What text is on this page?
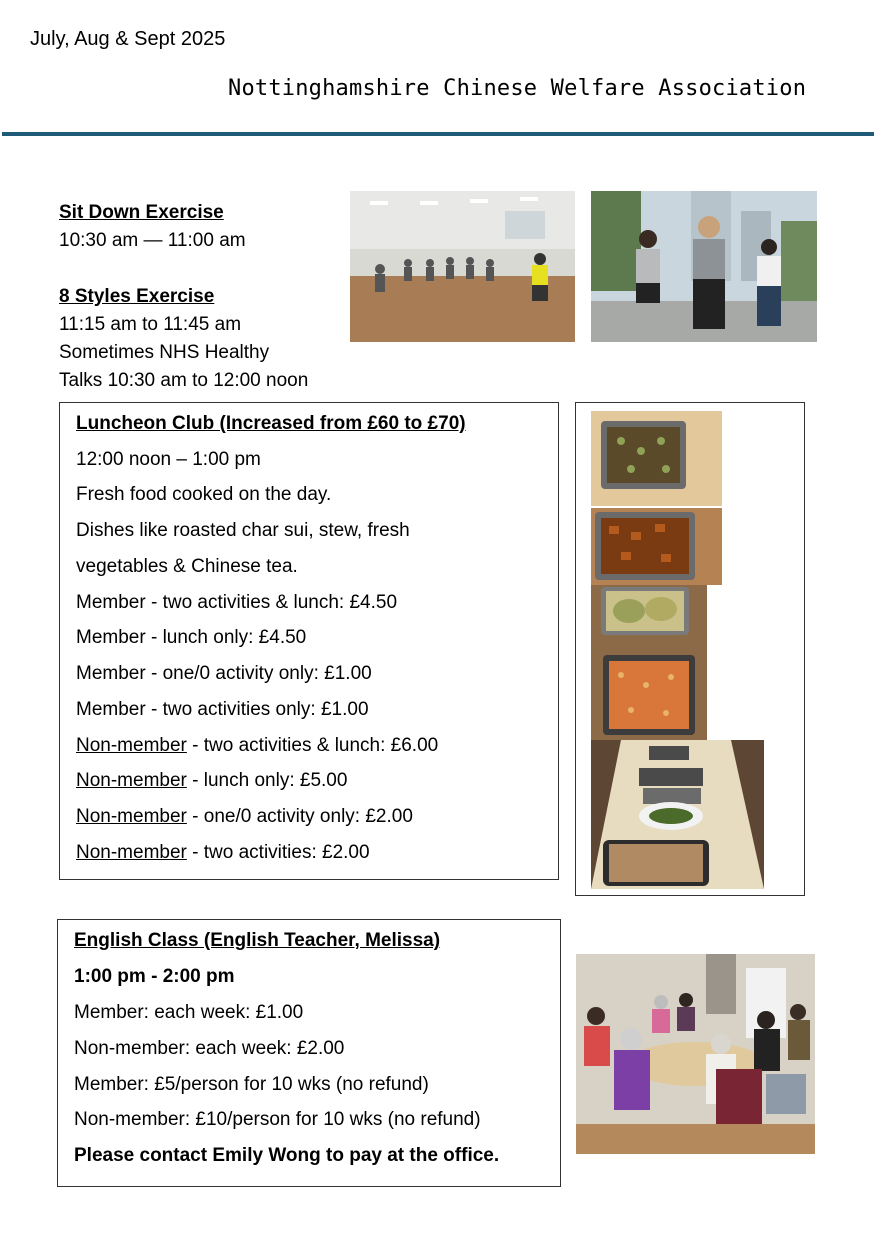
July, Aug & Sept 2025
Nottinghamshire Chinese Welfare Association
Sit Down Exercise
10:30 am — 11:00 am
8 Styles Exercise
11:15 am to 11:45 am
Sometimes NHS Healthy
Talks 10:30 am to 12:00 noon
Luncheon Club (Increased from £60 to £70)
12:00 noon – 1:00 pm
Fresh food cooked on the day.
Dishes like roasted char sui, stew, fresh
vegetables & Chinese tea.
Member - two activities & lunch: £4.50
Member - lunch only: £4.50
Member - one/0 activity only: £1.00
Member - two activities only: £1.00
Non-member - two activities & lunch: £6.00
Non-member - lunch only: £5.00
Non-member - one/0 activity only: £2.00
Non-member - two activities: £2.00
English Class (English Teacher, Melissa)
1:00 pm - 2:00 pm
Member: each week: £1.00
Non-member: each week: £2.00
Member: £5/person for 10 wks (no refund)
Non-member: £10/person for 10 wks (no refund)
Please contact Emily Wong to pay at the office.
